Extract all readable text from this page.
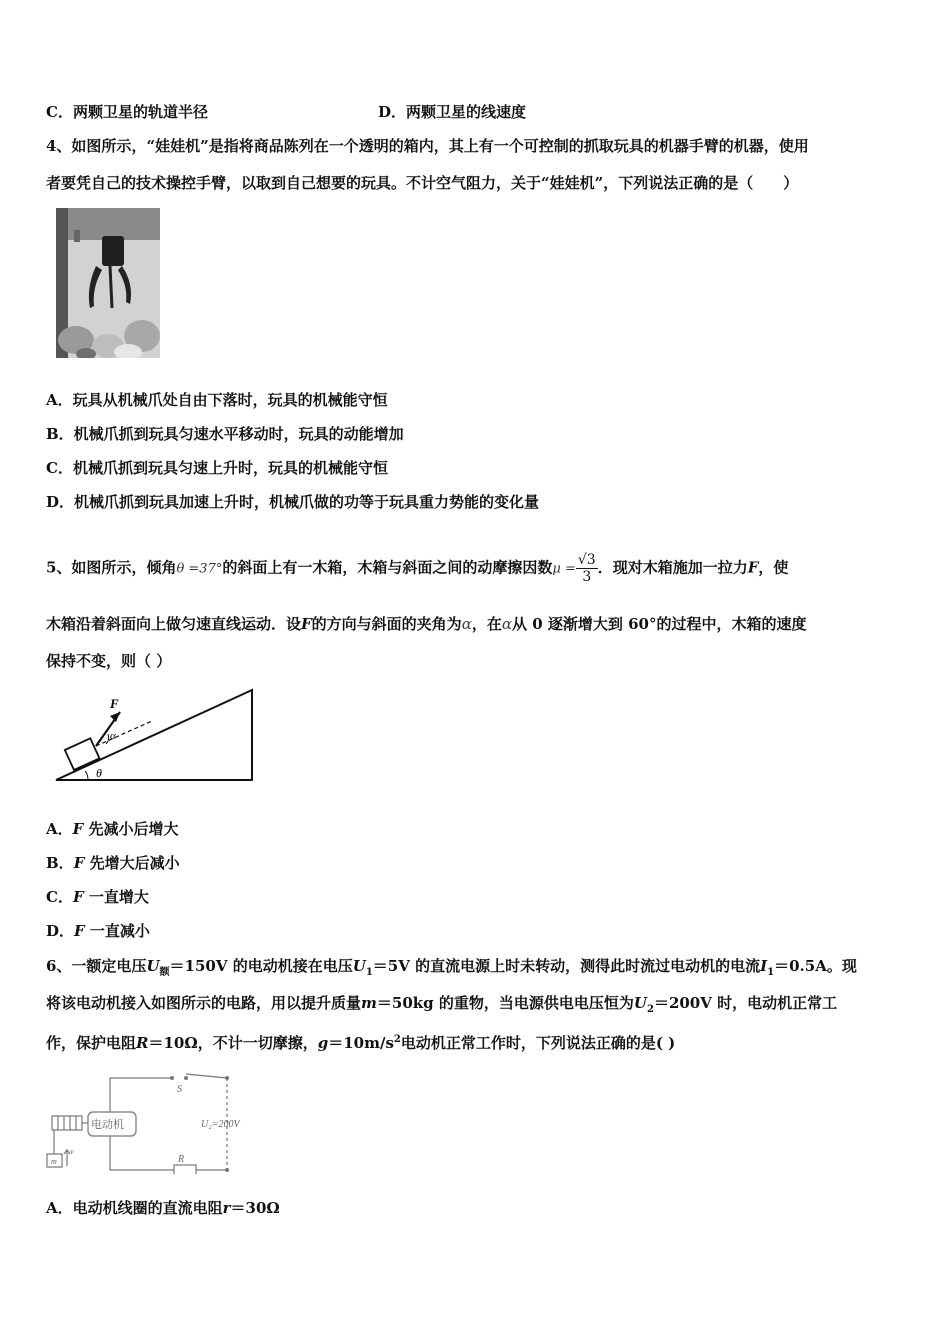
C．两颗卫星的轨道半径	D．两颗卫星的线速度
4、如图所示，“娃娃机”是指将商品陈列在一个透明的箱内，其上有一个可控制的抓取玩具的机器手臂的机器，使用
者要凭自己的技术操控手臂，以取到自己想要的玩具。不计空气阻力，关于“娃娃机”，下列说法正确的是（　　）
A．玩具从机械爪处自由下落时，玩具的机械能守恒
B．机械爪抓到玩具匀速水平移动时，玩具的动能增加
C．机械爪抓到玩具匀速上升时，玩具的机械能守恒
D．机械爪抓到玩具加速上升时，机械爪做的功等于玩具重力势能的变化量
5、如图所示，倾角θ =37°的斜面上有一木箱，木箱与斜面之间的动摩擦因数$\mu = \frac{√3}{3}$ ．现对木箱施加一拉力F，使
木箱沿着斜面向上做匀速直线运动．设F的方向与斜面的夹角为α，在α从 0 逐渐增大到 60°的过程中，木箱的速度
保持不变，则（ ）
F
α
θ
A．F 先减小后增大
B．F 先增大后减小
C．F 一直增大
D．F 一直减小
6、一额定电压$U_额=150V$ 的电动机接在电压$U_1=5V$ 的直流电源上时未转动，测得此时流过电动机的电流$I_1=0.5A$。现
将该电动机接入如图所示的电路，用以提升质量m＝50kg 的重物，当电源供电电压恒为$U_2=200V$ 时，电动机正常工
作，保护电阻R＝10Ω，不计一切摩擦，$g=10m/s^2$电动机正常工作时，下列说法正确的是( )
电动机
S
R
U₂=200V
m
v
A．电动机线圈的直流电阻r＝30Ω
